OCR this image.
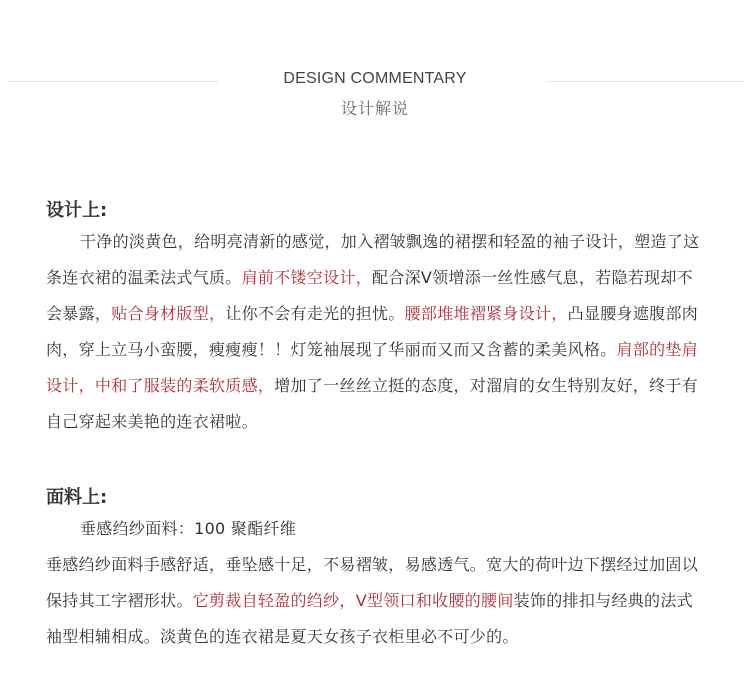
DESIGN COMMENTARY
设计解说
设计上:
干净的淡黄色，给明亮清新的感觉，加入褶皱飘逸的裙摆和轻盈的袖子设计，塑造了这条连衣裙的温柔法式气质。肩前不镂空设计，配合深V领增添一丝性感气息，若隐若现却不会暴露，贴合身材版型，让你不会有走光的担忧。腰部堆堆褶紧身设计，凸显腰身遮腹部肉肉，穿上立马小蛮腰，瘦瘦瘦！！灯笼袖展现了华丽而又而又含蓄的柔美风格。肩部的垫肩设计，中和了服装的柔软质感，增加了一丝丝立挺的态度，对溜肩的女生特别友好，终于有自己穿起来美艳的连衣裙啦。
面料上:
垂感绉纱面料：100 聚酯纤维
垂感绉纱面料手感舒适，垂坠感十足，不易褶皱，易感透气。宽大的荷叶边下摆经过加固以保持其工字褶形状。它剪裁自轻盈的绉纱，V型领口和收腰的腰间装饰的排扣与经典的法式袖型相辅相成。淡黄色的连衣裙是夏天女孩子衣柜里必不可少的。
